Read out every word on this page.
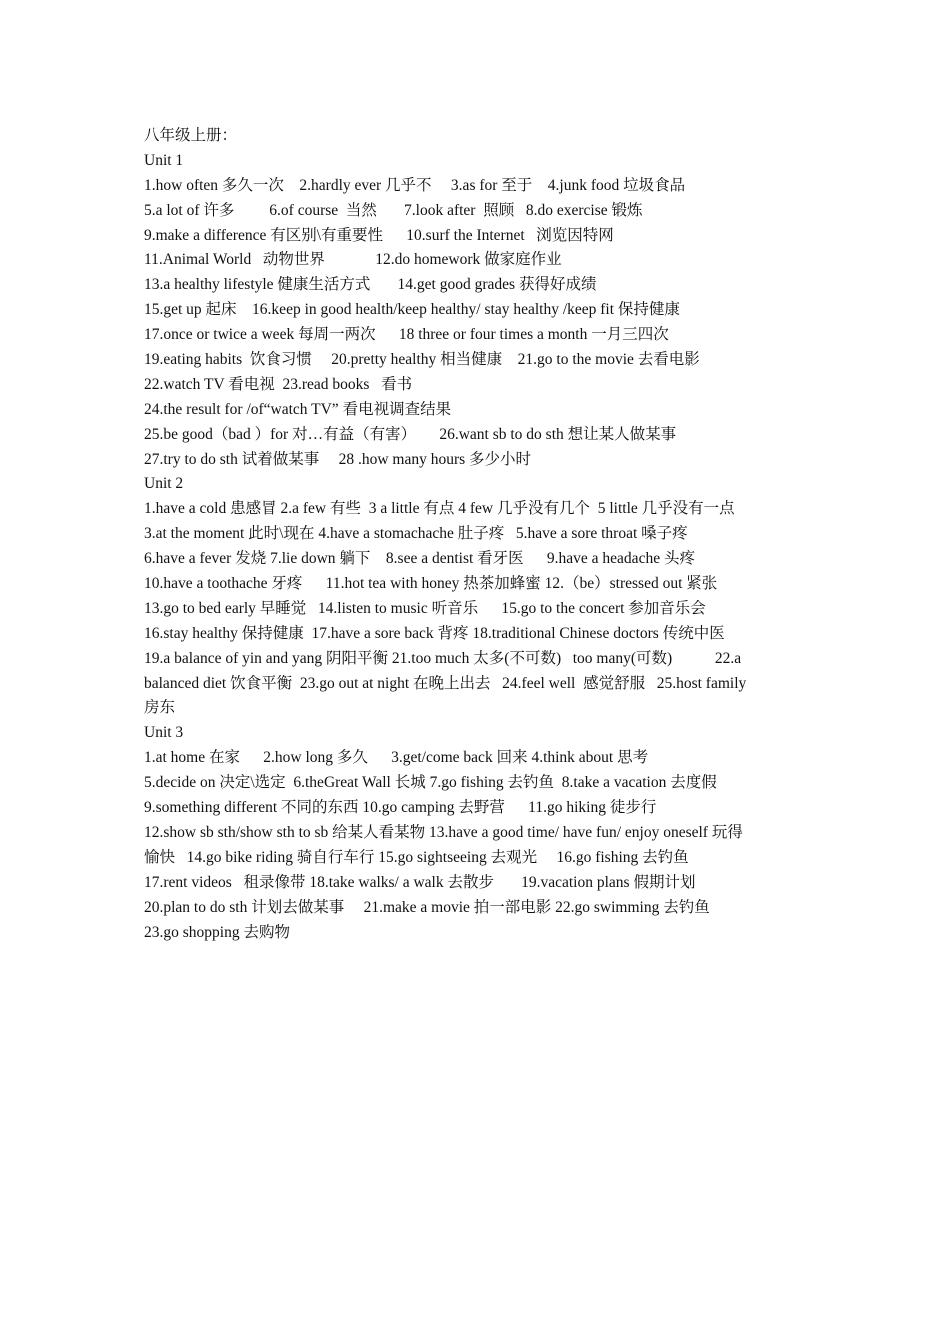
八年级上册：
Unit 1
1.how often 多久一次    2.hardly ever 几乎不     3.as for 至于    4.junk food 垃圾食品
5.a lot of 许多         6.of course  当然       7.look after  照顾   8.do exercise 锻炼
9.make a difference 有区别\有重要性      10.surf the Internet   浏览因特网
11.Animal World   动物世界             12.do homework 做家庭作业
13.a healthy lifestyle 健康生活方式       14.get good grades 获得好成绩
15.get up 起床    16.keep in good health/keep healthy/ stay healthy /keep fit 保持健康
17.once or twice a week 每周一两次      18 three or four times a month 一月三四次
19.eating habits  饮食习惯     20.pretty healthy 相当健康    21.go to the movie 去看电影
22.watch TV 看电视  23.read books   看书
24.the result for /of“watch TV” 看电视调查结果
25.be good（bad ）for 对…有益（有害）      26.want sb to do sth 想让某人做某事
27.try to do sth 试着做某事     28 .how many hours 多少小时
Unit 2
1.have a cold 患感冒 2.a few 有些  3 a little 有点 4 few 几乎没有几个  5 little 几乎没有一点
3.at the moment 此时\现在 4.have a stomachache 肚子疼   5.have a sore throat 嗓子疼
6.have a fever 发烧 7.lie down 躺下    8.see a dentist 看牙医      9.have a headache 头疼
10.have a toothache 牙疼      11.hot tea with honey 热茶加蜂蜜 12.（be）stressed out 紧张
13.go to bed early 早睡觉   14.listen to music 听音乐      15.go to the concert 参加音乐会
16.stay healthy 保持健康  17.have a sore back 背疼 18.traditional Chinese doctors 传统中医
19.a balance of yin and yang 阴阳平衡 21.too much 太多(不可数)   too many(可数)           22.a
balanced diet 饮食平衡  23.go out at night 在晚上出去   24.feel well  感觉舒服   25.host family
房东
Unit 3
1.at home 在家      2.how long 多久      3.get/come back 回来 4.think about 思考
5.decide on 决定\选定  6.theGreat Wall 长城 7.go fishing 去钓鱼  8.take a vacation 去度假
9.something different 不同的东西 10.go camping 去野营      11.go hiking 徒步行
12.show sb sth/show sth to sb 给某人看某物 13.have a good time/ have fun/ enjoy oneself 玩得
愉快   14.go bike riding 骑自行车行 15.go sightseeing 去观光     16.go fishing 去钓鱼
17.rent videos   租录像带 18.take walks/ a walk 去散步       19.vacation plans 假期计划
20.plan to do sth 计划去做某事     21.make a movie 拍一部电影 22.go swimming 去钓鱼
23.go shopping 去购物
